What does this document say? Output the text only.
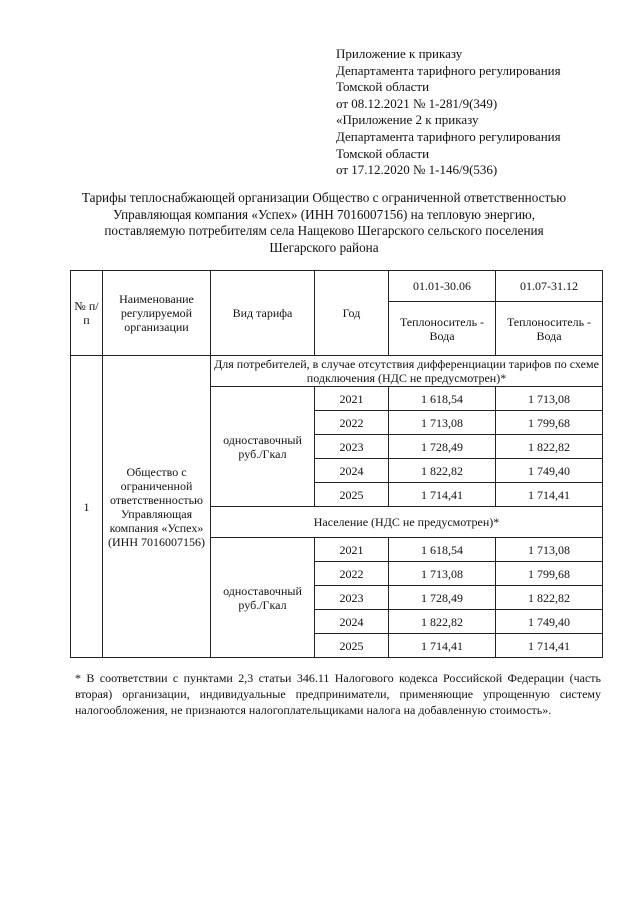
Приложение к приказу
Департамента тарифного регулирования
Томской области
от 08.12.2021 № 1-281/9(349)
«Приложение 2 к приказу
Департамента тарифного регулирования
Томской области
от 17.12.2020 № 1-146/9(536)
Тарифы теплоснабжающей организации Общество с ограниченной ответственностью
Управляющая компания «Успех» (ИНН 7016007156) на тепловую энергию,
поставляемую потребителям села Нащеково Шегарского сельского поселения
Шегарского района
№ п/п	Наименование регулируемой организации	Вид тарифа	Год	01.01-30.06	01.07-31.12
				Теплоноситель - Вода	Теплоноситель - Вода
1	Общество с ограниченной ответственностью Управляющая компания «Успех» (ИНН 7016007156)	Для потребителей, в случае отсутствия дифференциации тарифов по схеме подключения (НДС не предусмотрен)*			
		одноставочный руб./Гкал	2021	1 618,54	1 713,08
			2022	1 713,08	1 799,68
			2023	1 728,49	1 822,82
			2024	1 822,82	1 749,40
			2025	1 714,41	1 714,41
		Население (НДС не предусмотрен)*			
		одноставочный руб./Гкал	2021	1 618,54	1 713,08
			2022	1 713,08	1 799,68
			2023	1 728,49	1 822,82
			2024	1 822,82	1 749,40
			2025	1 714,41	1 714,41
* В соответствии с пунктами 2,3 статьи 346.11 Налогового кодекса Российской Федерации (часть вторая) организации, индивидуальные предприниматели, применяющие упрощенную систему налогообложения, не признаются налогоплательщиками налога на добавленную стоимость».
